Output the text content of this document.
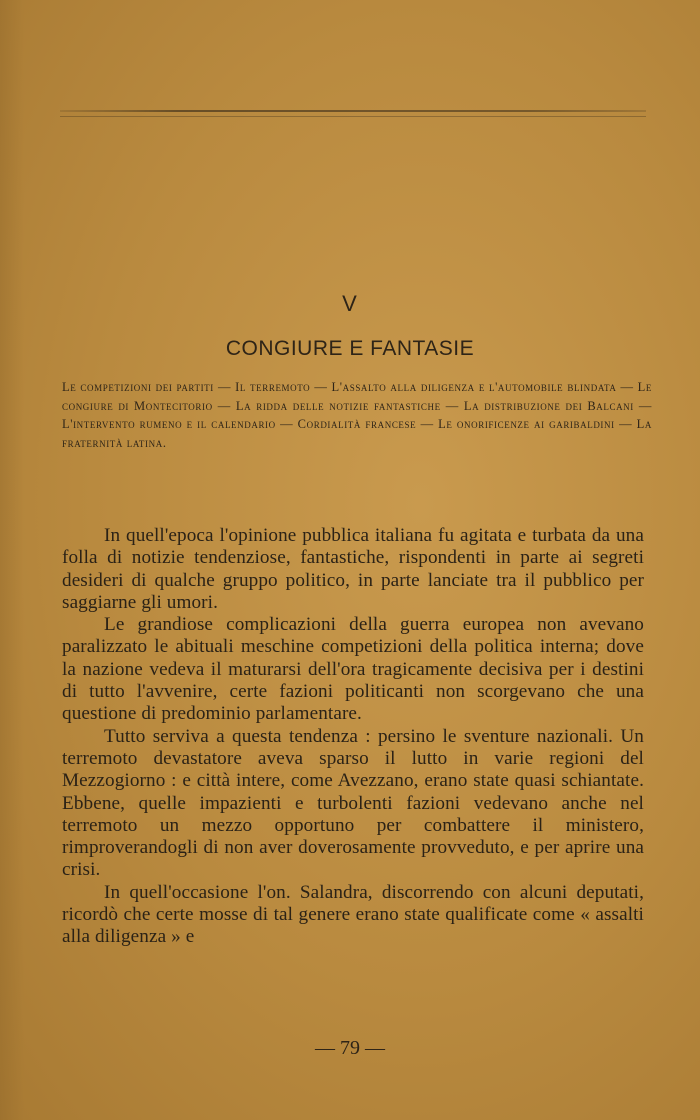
V
CONGIURE E FANTASIE
Le competizioni dei partiti — Il terremoto — L'assalto alla diligenza e l'automobile blindata — Le congiure di Montecitorio — La ridda delle notizie fantastiche — La distribuzione dei Balcani — L'intervento rumeno e il calendario — Cordialità francese — Le onorificenze ai garibaldini — La fraternità latina.

In quell'epoca l'opinione pubblica italiana fu agitata e turbata da una folla di notizie tendenziose, fantastiche, rispondenti in parte ai segreti desideri di qualche gruppo politico, in parte lanciate tra il pubblico per saggiarne gli umori.

Le grandiose complicazioni della guerra europea non avevano paralizzato le abituali meschine competizioni della politica interna; dove la nazione vedeva il maturarsi dell'ora tragicamente decisiva per i destini di tutto l'avvenire, certe fazioni politicanti non scorgevano che una questione di predominio parlamentare.

Tutto serviva a questa tendenza : persino le sventure nazionali. Un terremoto devastatore aveva sparso il lutto in varie regioni del Mezzogiorno : e città intere, come Avezzano, erano state quasi schiantate. Ebbene, quelle impazienti e turbolenti fazioni vedevano anche nel terremoto un mezzo opportuno per combattere il ministero, rimproverandogli di non aver doverosamente provveduto, e per aprire una crisi.

In quell'occasione l'on. Salandra, discorrendo con alcuni deputati, ricordò che certe mosse di tal genere erano state qualificate come « assalti alla diligenza » e

— 79 —
